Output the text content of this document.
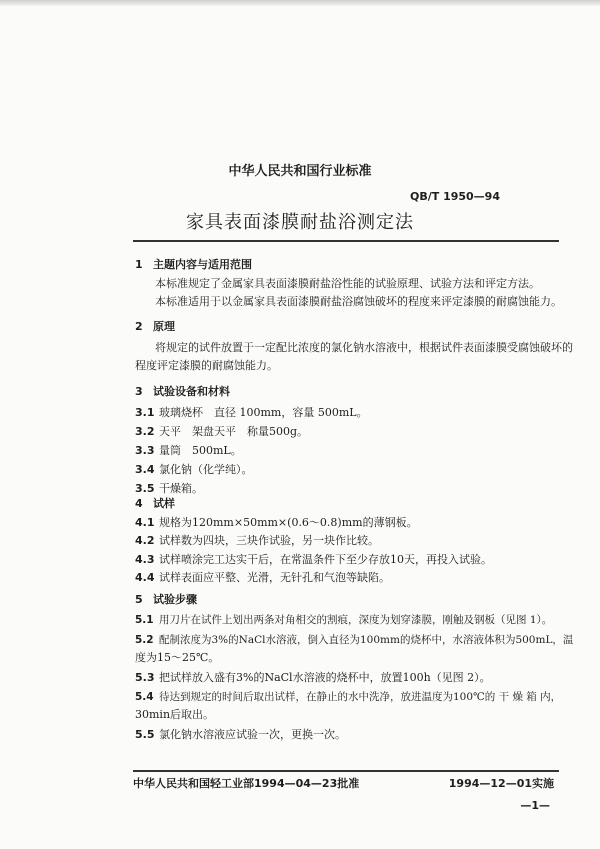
中华人民共和国行业标准
QB/T 1950—94
家具表面漆膜耐盐浴测定法
1 主题内容与适用范围
本标准规定了金属家具表面漆膜耐盐浴性能的试验原理、试验方法和评定方法。
本标准适用于以金属家具表面漆膜耐盐浴腐蚀破坏的程度来评定漆膜的耐腐蚀能力。
2 原理
将规定的试件放置于一定配比浓度的氯化钠水溶液中，根据试件表面漆膜受腐蚀破坏的
程度评定漆膜的耐腐蚀能力。
3 试验设备和材料
3.1 玻璃烧杯　直径 100mm，容量 500mL。
3.2 天平　架盘天平　称量500g。
3.3 量筒　500mL。
3.4 氯化钠（化学纯）。
3.5 干燥箱。
4 试样
4.1 规格为120mm×50mm×(0.6～0.8)mm的薄钢板。
4.2 试样数为四块，三块作试验，另一块作比较。
4.3 试样喷涂完工达实干后，在常温条件下至少存放10天，再投入试验。
4.4 试样表面应平整、光滑，无针孔和气泡等缺陷。
5 试验步骤
5.1 用刀片在试件上划出两条对角相交的割痕，深度为划穿漆膜，刚触及钢板（见图 1）。
5.2 配制浓度为3%的NaCl水溶液，倒入直径为100mm的烧杯中，水溶液体积为500mL，温
度为15～25℃。
5.3 把试样放入盛有3%的NaCl水溶液的烧杯中，放置100h（见图 2）。
5.4 待达到规定的时间后取出试样，在静止的水中洗净，放进温度为100℃的 干 燥 箱 内，
30min后取出。
5.5 氯化钠水溶液应试验一次，更换一次。
中华人民共和国轻工业部1994—04—23批准	1994—12—01实施
—1—
